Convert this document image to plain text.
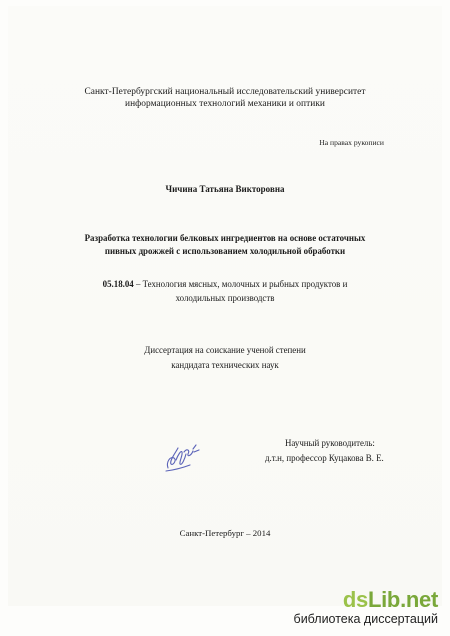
Санкт-Петербургский национальный исследовательский университет
информационных технологий механики и оптики
На правах рукописи
Чичина Татьяна Викторовна
Разработка технологии белковых ингредиентов на основе остаточных
пивных дрожжей с использованием холодильной обработки
05.18.04 – Технология мясных, молочных и рыбных продуктов и
холодильных производств
Диссертация на соискание ученой степени
кандидата технических наук
Научный руководитель:
д.т.н, профессор Куцакова В. Е.
Санкт-Петербург – 2014
dsLib.net
библиотека диссертаций
